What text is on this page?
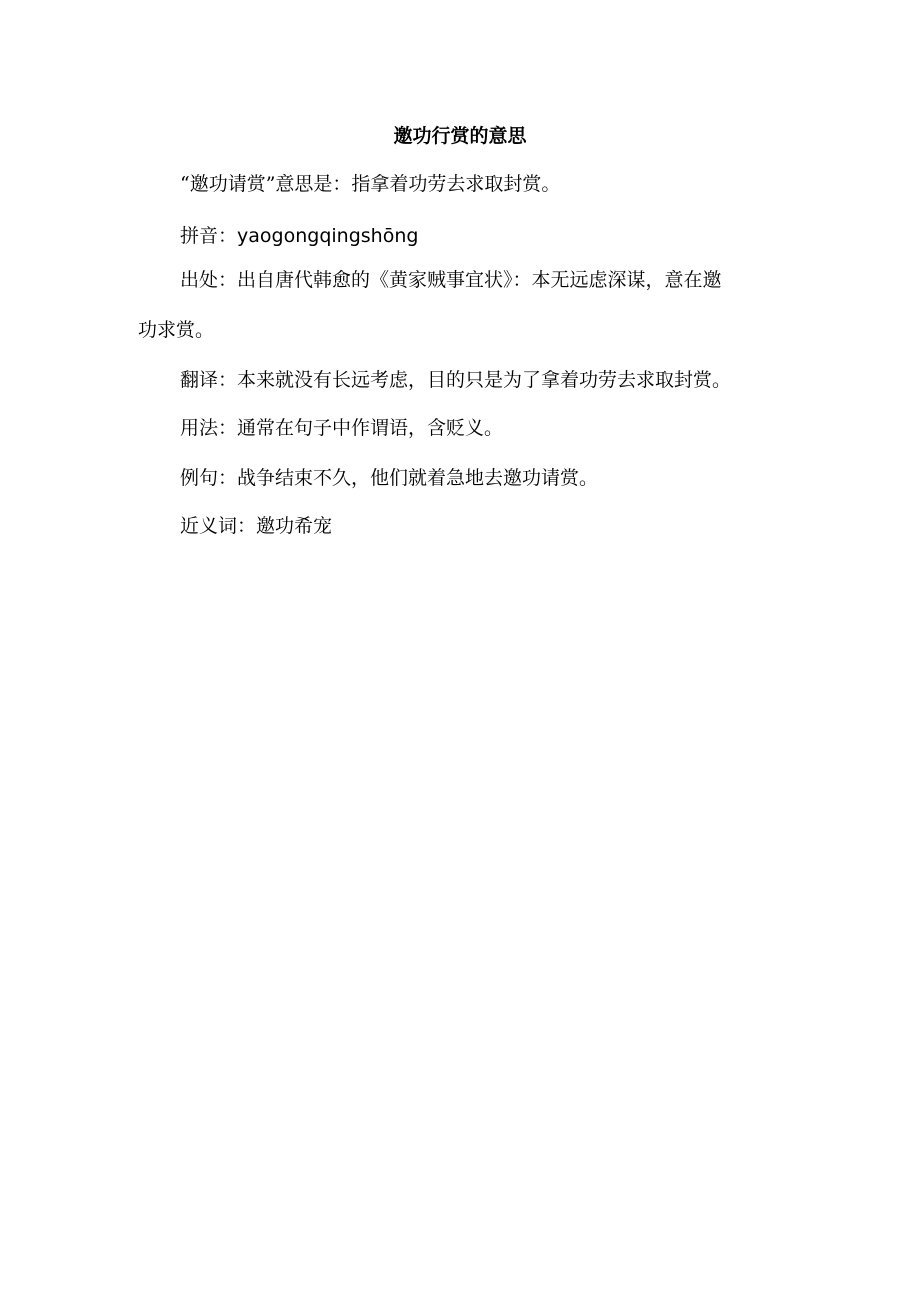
邀功行赏的意思
“邀功请赏”意思是：指拿着功劳去求取封赏。
拼音：yaogongqingshōng
出处：出自唐代韩愈的《黄家贼事宜状》：本无远虑深谋，意在邀
功求赏。
翻译：本来就没有长远考虑，目的只是为了拿着功劳去求取封赏。
用法：通常在句子中作谓语，含贬义。
例句：战争结束不久，他们就着急地去邀功请赏。
近义词：邀功希宠
